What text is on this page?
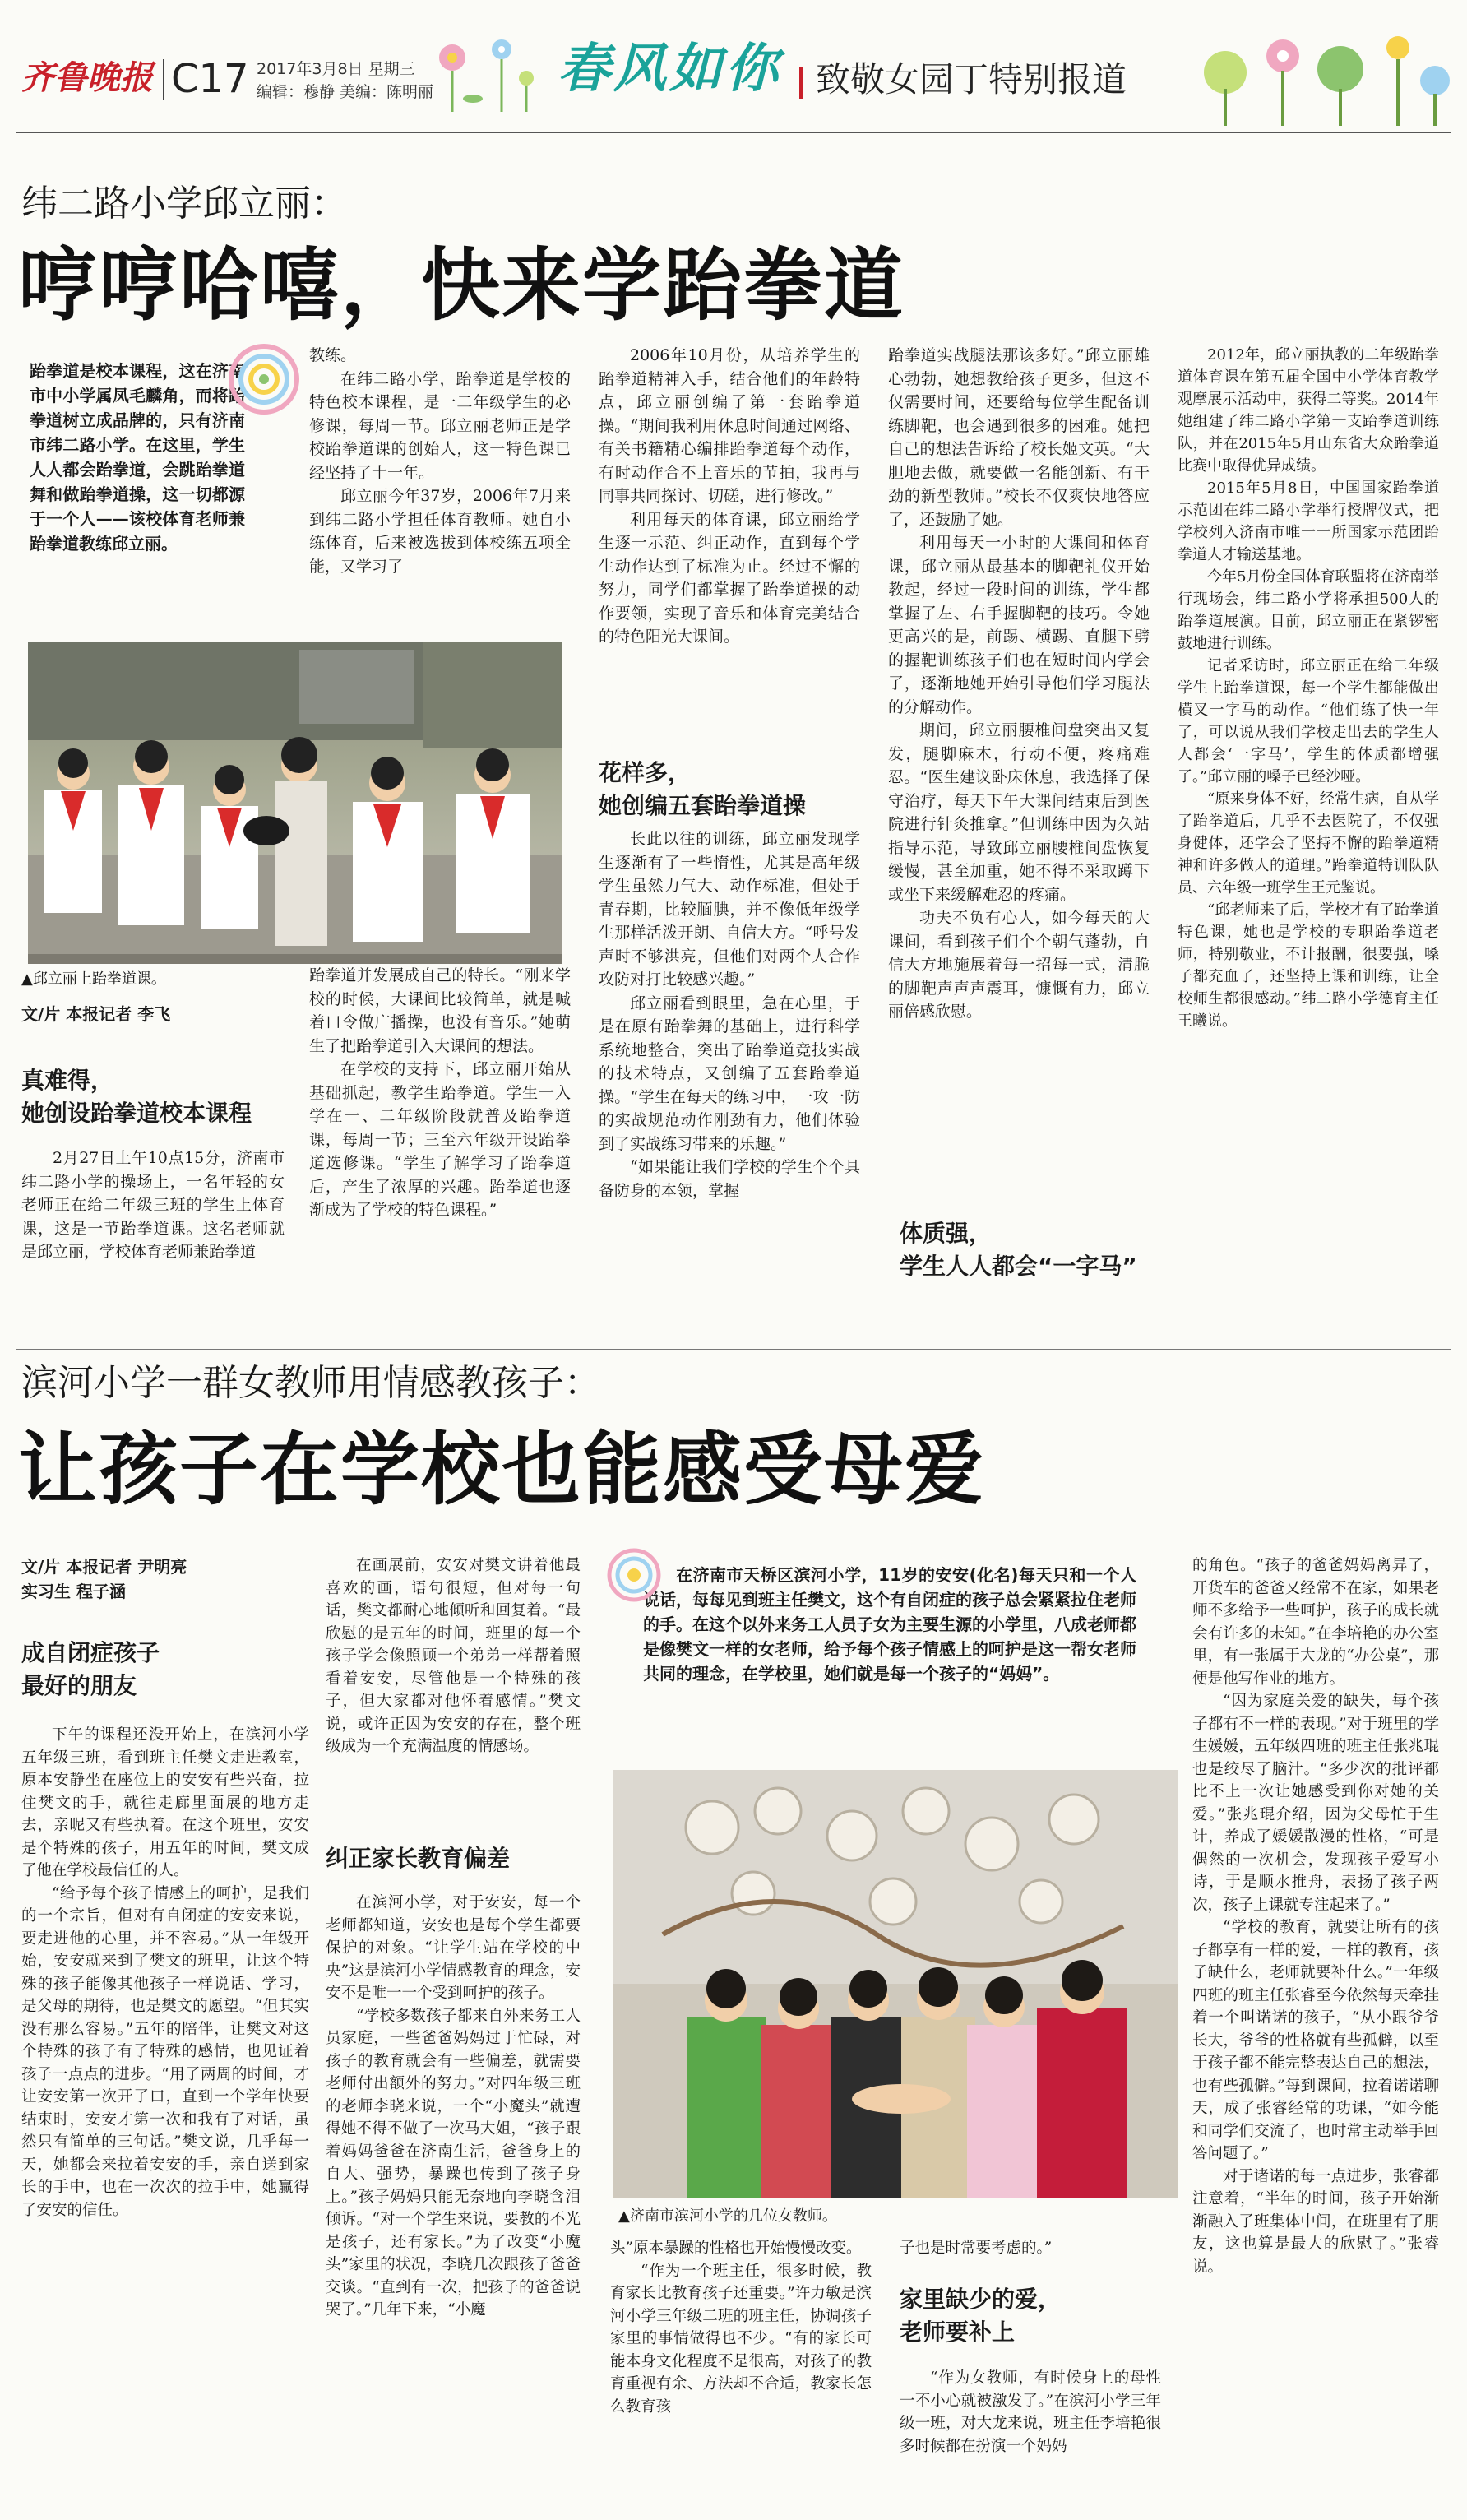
齐鲁晚报 C17 2017年3月8日 星期三
编辑：穆静 美编：陈明丽 春风如你 致敬女园丁特别报道
纬二路小学邱立丽：
哼哼哈嘻，快来学跆拳道
跆拳道是校本课程，这在济南市中小学属凤毛麟角，而将跆拳道树立成品牌的，只有济南市纬二路小学。在这里，学生人人都会跆拳道，会跳跆拳道舞和做跆拳道操，这一切都源于一个人——该校体育老师兼跆拳道教练邱立丽。
▲邱立丽上跆拳道课。
文/片 本报记者 李飞
真难得，
她创设跆拳道校本课程

2月27日上午10点15分，济南市纬二路小学的操场上，一名年轻的女老师正在给二年级三班的学生上体育课，这是一节跆拳道课。这名老师就是邱立丽，学校体育老师兼跆拳道

教练。

在纬二路小学，跆拳道是学校的特色校本课程，是一二年级学生的必修课，每周一节。邱立丽老师正是学校跆拳道课的创始人，这一特色课已经坚持了十一年。

邱立丽今年37岁，2006年7月来到纬二路小学担任体育教师。她自小练体育，后来被选拔到体校练五项全能，又学习了

跆拳道并发展成自己的特长。“刚来学校的时候，大课间比较简单，就是喊着口令做广播操，也没有音乐。”她萌生了把跆拳道引入大课间的想法。

在学校的支持下，邱立丽开始从基础抓起，教学生跆拳道。学生一入学在一、二年级阶段就普及跆拳道课，每周一节；三至六年级开设跆拳道选修课。“学生了解学习了跆拳道后，产生了浓厚的兴趣。跆拳道也逐渐成为了学校的特色课程。”

2006年10月份，从培养学生的跆拳道精神入手，结合他们的年龄特点，邱立丽创编了第一套跆拳道操。“期间我利用休息时间通过网络、有关书籍精心编排跆拳道每个动作，有时动作合不上音乐的节拍，我再与同事共同探讨、切磋，进行修改。”

利用每天的体育课，邱立丽给学生逐一示范、纠正动作，直到每个学生动作达到了标准为止。经过不懈的努力，同学们都掌握了跆拳道操的动作要领，实现了音乐和体育完美结合的特色阳光大课间。

花样多，
她创编五套跆拳道操

长此以往的训练，邱立丽发现学生逐渐有了一些惰性，尤其是高年级学生虽然力气大、动作标准，但处于青春期，比较腼腆，并不像低年级学生那样活泼开朗、自信大方。“呼号发声时不够洪亮，但他们对两个人合作攻防对打比较感兴趣。”

邱立丽看到眼里，急在心里，于是在原有跆拳舞的基础上，进行科学系统地整合，突出了跆拳道竞技实战的技术特点，又创编了五套跆拳道操。“学生在每天的练习中，一攻一防的实战规范动作刚劲有力，他们体验到了实战练习带来的乐趣。”

“如果能让我们学校的学生个个具备防身的本领，掌握

跆拳道实战腿法那该多好。”邱立丽雄心勃勃，她想教给孩子更多，但这不仅需要时间，还要给每位学生配备训练脚靶，也会遇到很多的困难。她把自己的想法告诉给了校长姬文英。“大胆地去做，就要做一名能创新、有干劲的新型教师。”校长不仅爽快地答应了，还鼓励了她。

利用每天一小时的大课间和体育课，邱立丽从最基本的脚靶礼仪开始教起，经过一段时间的训练，学生都掌握了左、右手握脚靶的技巧。令她更高兴的是，前踢、横踢、直腿下劈的握靶训练孩子们也在短时间内学会了，逐渐地她开始引导他们学习腿法的分解动作。

期间，邱立丽腰椎间盘突出又复发，腿脚麻木，行动不便，疼痛难忍。“医生建议卧床休息，我选择了保守治疗，每天下午大课间结束后到医院进行针灸推拿。”但训练中因为久站指导示范，导致邱立丽腰椎间盘恢复缓慢，甚至加重，她不得不采取蹲下或坐下来缓解难忍的疼痛。

功夫不负有心人，如今每天的大课间，看到孩子们个个朝气蓬勃，自信大方地施展着每一招每一式，清脆的脚靶声声声震耳，慷慨有力，邱立丽倍感欣慰。

体质强，
学生人人都会“一字马”

2012年，邱立丽执教的二年级跆拳道体育课在第五届全国中小学体育教学观摩展示活动中，获得二等奖。2014年她组建了纬二路小学第一支跆拳道训练队，并在2015年5月山东省大众跆拳道比赛中取得优异成绩。

2015年5月8日，中国国家跆拳道示范团在纬二路小学举行授牌仪式，把学校列入济南市唯一一所国家示范团跆拳道人才输送基地。

今年5月份全国体育联盟将在济南举行现场会，纬二路小学将承担500人的跆拳道展演。目前，邱立丽正在紧锣密鼓地进行训练。

记者采访时，邱立丽正在给二年级学生上跆拳道课，每一个学生都能做出横叉一字马的动作。“他们练了快一年了，可以说从我们学校走出去的学生人人都会‘一字马’，学生的体质都增强了。”邱立丽的嗓子已经沙哑。

“原来身体不好，经常生病，自从学了跆拳道后，几乎不去医院了，不仅强身健体，还学会了坚持不懈的跆拳道精神和许多做人的道理。”跆拳道特训队队员、六年级一班学生王元鉴说。

“邱老师来了后，学校才有了跆拳道特色课，她也是学校的专职跆拳道老师，特别敬业，不计报酬，很要强，嗓子都充血了，还坚持上课和训练，让全校师生都很感动。”纬二路小学德育主任王曦说。

滨河小学一群女教师用情感教孩子：
让孩子在学校也能感受母爱
文/片 本报记者 尹明亮
实习生 程子涵
成自闭症孩子
最好的朋友

下午的课程还没开始上，在滨河小学五年级三班，看到班主任樊文走进教室，原本安静坐在座位上的安安有些兴奋，拉住樊文的手，就往走廊里面展的地方走去，亲昵又有些执着。在这个班里，安安是个特殊的孩子，用五年的时间，樊文成了他在学校最信任的人。

“给予每个孩子情感上的呵护，是我们的一个宗旨，但对有自闭症的安安来说，要走进他的心里，并不容易。”从一年级开始，安安就来到了樊文的班里，让这个特殊的孩子能像其他孩子一样说话、学习，是父母的期待，也是樊文的愿望。“但其实没有那么容易。”五年的陪伴，让樊文对这个特殊的孩子有了特殊的感情，也见证着孩子一点点的进步。“用了两周的时间，才让安安第一次开了口，直到一个学年快要结束时，安安才第一次和我有了对话，虽然只有简单的三句话。”樊文说，几乎每一天，她都会来拉着安安的手，亲自送到家长的手中，也在一次次的拉手中，她赢得了安安的信任。

在画展前，安安对樊文讲着他最喜欢的画，语句很短，但对每一句话，樊文都耐心地倾听和回复着。“最欣慰的是五年的时间，班里的每一个孩子学会像照顾一个弟弟一样帮着照看着安安，尽管他是一个特殊的孩子，但大家都对他怀着感情。”樊文说，或许正因为安安的存在，整个班级成为一个充满温度的情感场。

纠正家长教育偏差

在滨河小学，对于安安，每一个老师都知道，安安也是每个学生都要保护的对象。“让学生站在学校的中央”这是滨河小学情感教育的理念，安安不是唯一一个受到呵护的孩子。

“学校多数孩子都来自外来务工人员家庭，一些爸爸妈妈过于忙碌，对孩子的教育就会有一些偏差，就需要老师付出额外的努力。”对四年级三班的老师李晓来说，一个“小魔头”就遭得她不得不做了一次马大姐，“孩子跟着妈妈爸爸在济南生活，爸爸身上的自大、强势，暴躁也传到了孩子身上。”孩子妈妈只能无奈地向李晓含泪倾诉。“对一个学生来说，要教的不光是孩子，还有家长。”为了改变“小魔头”家里的状况，李晓几次跟孩子爸爸交谈。“直到有一次，把孩子的爸爸说哭了。”几年下来，“小魔

在济南市天桥区滨河小学，11岁的安安(化名)每天只和一个人说话，每每见到班主任樊文，这个有自闭症的孩子总会紧紧拉住老师的手。在这个以外来务工人员子女为主要生源的小学里，八成老师都是像樊文一样的女老师，给予每个孩子情感上的呵护是这一帮女老师共同的理念，在学校里，她们就是每一个孩子的“妈妈”。
▲济南市滨河小学的几位女教师。

头”原本暴躁的性格也开始慢慢改变。

“作为一个班主任，很多时候，教育家长比教育孩子还重要。”许力敏是滨河小学三年级二班的班主任，协调孩子家里的事情做得也不少。“有的家长可能本身文化程度不是很高，对孩子的教育重视有余、方法却不合适，教家长怎么教育孩

子也是时常要考虑的。”

家里缺少的爱，
老师要补上

“作为女教师，有时候身上的母性一不小心就被激发了。”在滨河小学三年级一班，对大龙来说，班主任李培艳很多时候都在扮演一个妈妈

的角色。“孩子的爸爸妈妈离异了，开货车的爸爸又经常不在家，如果老师不多给予一些呵护，孩子的成长就会有许多的未知。”在李培艳的办公室里，有一张属于大龙的“办公桌”，那便是他写作业的地方。

“因为家庭关爱的缺失，每个孩子都有不一样的表现。”对于班里的学生媛媛，五年级四班的班主任张兆琨也是绞尽了脑汁。“多少次的批评都比不上一次让她感受到你对她的关爱。”张兆琨介绍，因为父母忙于生计，养成了媛媛散漫的性格，“可是偶然的一次机会，发现孩子爱写小诗，于是顺水推舟，表扬了孩子两次，孩子上课就专注起来了。”

“学校的教育，就要让所有的孩子都享有一样的爱，一样的教育，孩子缺什么，老师就要补什么。”一年级四班的班主任张睿至今依然每天牵挂着一个叫诺诺的孩子，“从小跟爷爷长大，爷爷的性格就有些孤僻，以至于孩子都不能完整表达自己的想法，也有些孤僻。”每到课间，拉着诺诺聊天，成了张睿经常的功课，“如今能和同学们交流了，也时常主动举手回答问题了。”

对于诸诺的每一点进步，张睿都注意着，“半年的时间，孩子开始渐渐融入了班集体中间，在班里有了朋友，这也算是最大的欣慰了。”张睿说。
